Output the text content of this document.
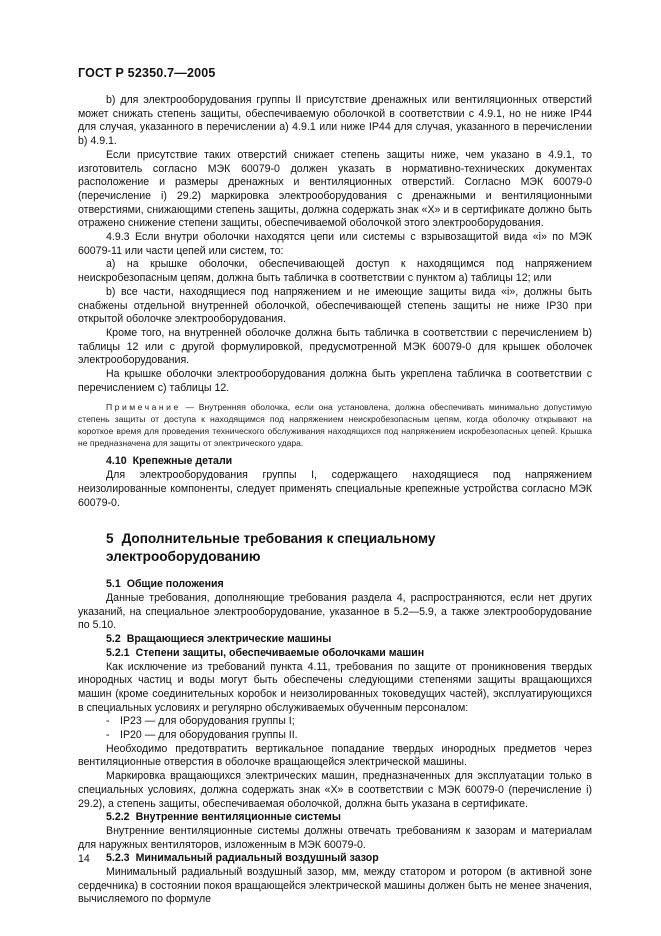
ГОСТ Р 52350.7—2005

b) для электрооборудования группы II присутствие дренажных или вентиляционных отверстий может снижать степень защиты, обеспечиваемую оболочкой в соответствии с 4.9.1, но не ниже IP44 для случая, указанного в перечислении а) 4.9.1 или ниже IP44 для случая, указанного в перечислении b) 4.9.1.

Если присутствие таких отверстий снижает степень защиты ниже, чем указано в 4.9.1, то изготовитель согласно МЭК 60079-0 должен указать в нормативно-технических документах расположение и размеры дренажных и вентиляционных отверстий. Согласно МЭК 60079-0 (перечисление i) 29.2) маркировка электрооборудования с дренажными и вентиляционными отверстиями, снижающими степень защиты, должна содержать знак «Х» и в сертификате должно быть отражено снижение степени защиты, обеспечиваемой оболочкой этого электрооборудования.

4.9.3 Если внутри оболочки находятся цепи или системы с взрывозащитой вида «i» по МЭК 60079-11 или части цепей или систем, то:

а) на крышке оболочки, обеспечивающей доступ к находящимся под напряжением неискробезопасным цепям, должна быть табличка в соответствии с пунктом а) таблицы 12; или

b) все части, находящиеся под напряжением и не имеющие защиты вида «i», должны быть снабжены отдельной внутренней оболочкой, обеспечивающей степень защиты не ниже IP30 при открытой оболочке электрооборудования.

Кроме того, на внутренней оболочке должна быть табличка в соответствии с перечислением b) таблицы 12 или с другой формулировкой, предусмотренной МЭК 60079-0 для крышек оболочек электрооборудования.

На крышке оболочки электрооборудования должна быть укреплена табличка в соответствии с перечислением с) таблицы 12.

Примечание — Внутренняя оболочка, если она установлена, должна обеспечивать минимально допустимую степень защиты от доступа к находящимся под напряжением неискробезопасным цепям, когда оболочку открывают на короткое время для проведения технического обслуживания находящихся под напряжением искробезопасных цепей. Крышка не предназначена для защиты от электрического удара.

4.10 Крепежные детали

Для электрооборудования группы I, содержащего находящиеся под напряжением неизолированные компоненты, следует применять специальные крепежные устройства согласно МЭК 60079-0.

5 Дополнительные требования к специальному электрооборудованию

5.1 Общие положения

Данные требования, дополняющие требования раздела 4, распространяются, если нет других указаний, на специальное электрооборудование, указанное в 5.2—5.9, а также электрооборудование по 5.10.

5.2 Вращающиеся электрические машины

5.2.1 Степени защиты, обеспечиваемые оболочками машин

Как исключение из требований пункта 4.11, требования по защите от проникновения твердых инородных частиц и воды могут быть обеспечены следующими степенями защиты вращающихся машин (кроме соединительных коробок и неизолированных токоведущих частей), эксплуатирующихся в специальных условиях и регулярно обслуживаемых обученным персоналом:

- IP23 — для оборудования группы I;

- IP20 — для оборудования группы II.

Необходимо предотвратить вертикальное попадание твердых инородных предметов через вентиляционные отверстия в оболочке вращающейся электрической машины.

Маркировка вращающихся электрических машин, предназначенных для эксплуатации только в специальных условиях, должна содержать знак «Х» в соответствии с МЭК 60079-0 (перечисление i) 29.2), а степень защиты, обеспечиваемая оболочкой, должна быть указана в сертификате.

5.2.2 Внутренние вентиляционные системы

Внутренние вентиляционные системы должны отвечать требованиям к зазорам и материалам для наружных вентиляторов, изложенным в МЭК 60079-0.

5.2.3 Минимальный радиальный воздушный зазор

Минимальный радиальный воздушный зазор, мм, между статором и ротором (в активной зоне сердечника) в состоянии покоя вращающейся электрической машины должен быть не менее значения, вычисляемого по формуле

14
